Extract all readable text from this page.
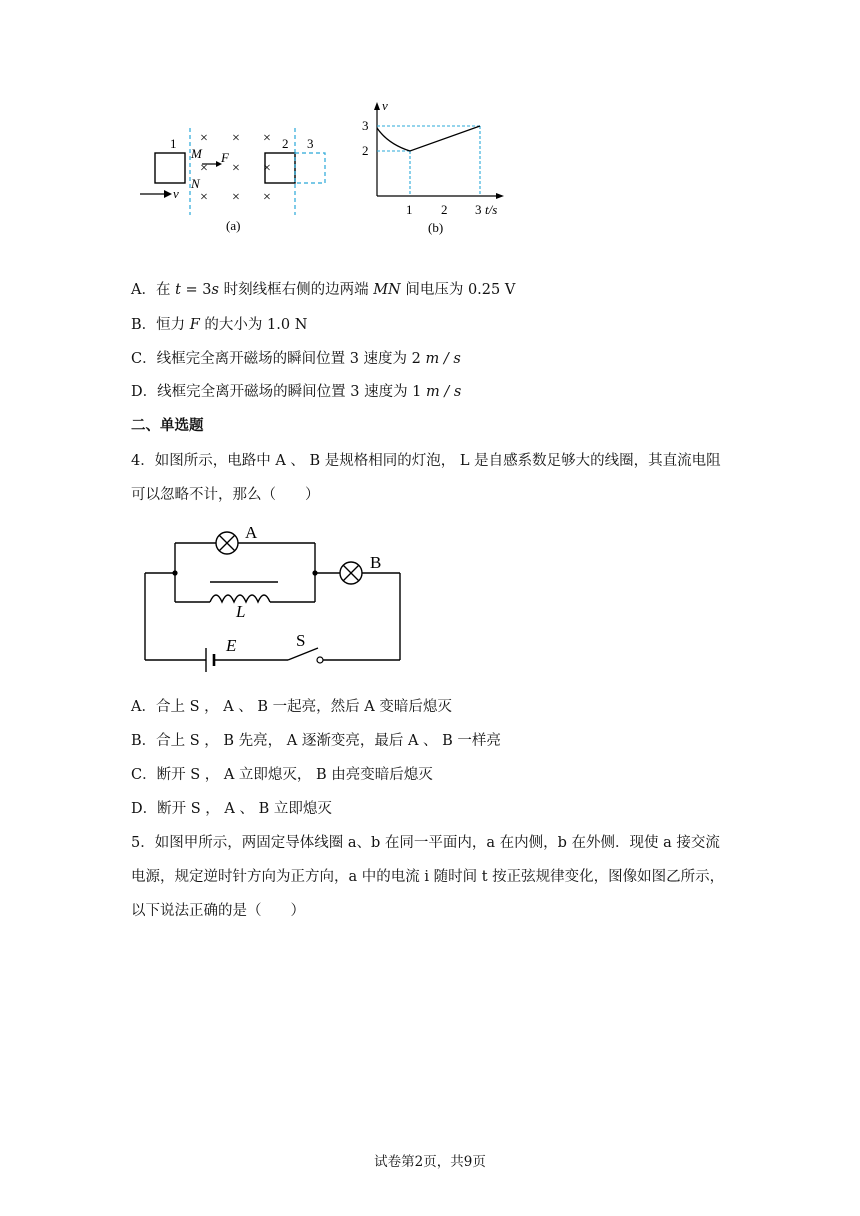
v
1 × × ×
× × ×
× ×
×
M F
N
2 3
(a)
v
t/s
3
2
1 2 3
(b)
A．在 t = 3s 时刻线框右侧的边两端 MN 间电压为 0.25 V
B．恒力 F 的大小为 1.0 N
C．线框完全离开磁场的瞬间位置 3 速度为 2 m / s
D．线框完全离开磁场的瞬间位置 3 速度为 1 m / s
二、单选题
4．如图所示，电路中 A 、 B 是规格相同的灯泡， L 是自感系数足够大的线圈，其直流电阻
可以忽略不计，那么（　　）
A
B
L
E	S
A．合上 S ， A 、 B 一起亮，然后 A 变暗后熄灭
B．合上 S ， B 先亮， A 逐渐变亮，最后 A 、 B 一样亮
C．断开 S ， A 立即熄灭， B 由亮变暗后熄灭
D．断开 S ， A 、 B 立即熄灭
5．如图甲所示，两固定导体线圈 a、b 在同一平面内，a 在内侧，b 在外侧．现使 a 接交流
电源，规定逆时针方向为正方向，a 中的电流 i 随时间 t 按正弦规律变化，图像如图乙所示，
以下说法正确的是（　　）
试卷第2页，共9页
